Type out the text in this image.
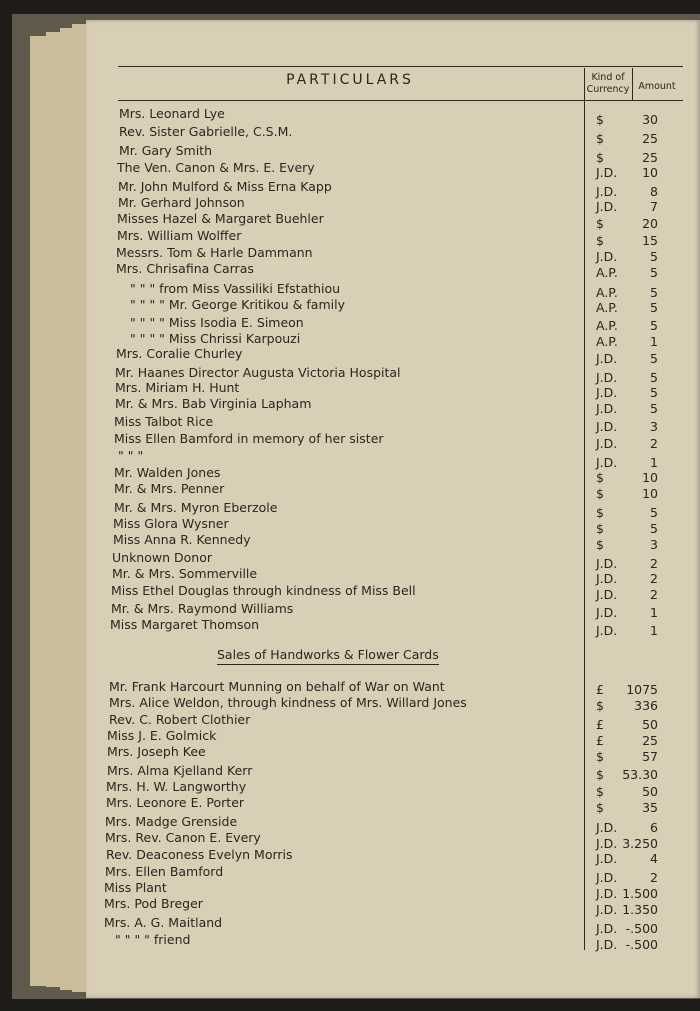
PARTICULARS	Kind of Currency Amount
Mrs. Leonard Lye	$	30
Rev. Sister Gabrielle, C.S.M.	$	25
Mr. Gary Smith	$	25
The Ven. Canon & Mrs. E. Every	J.D.	10
Mr. John Mulford & Miss Erna Kapp	J.D.	8
Mr. Gerhard Johnson	J.D.	7
Misses Hazel & Margaret Buehler	$	20
Mrs. William Wolffer	$	15
Messrs. Tom & Harle Dammann	J.D.	5
Mrs. Chrisafina Carras	A.P.	5
" " " from Miss Vassiliki Efstathiou	A.P.	5
" " " " Mr. George Kritikou & family	A.P.	5
" " " " Miss Isodia E. Simeon	A.P.	5
" " " " Miss Chrissi Karpouzi	A.P.	1
Mrs. Coralie Churley	J.D.	5
Mr. Haanes Director Augusta Victoria Hospital	J.D.	5
Mrs. Miriam H. Hunt	J.D.	5
Mr. & Mrs. Bab Virginia Lapham	J.D.	5
Miss Talbot Rice	J.D.	3
Miss Ellen Bamford in memory of her sister	J.D.	2
" " "	J.D.	1
Mr. Walden Jones	$	10
Mr. & Mrs. Penner	$	10
Mr. & Mrs. Myron Eberzole	$	5
Miss Glora Wysner	$	5
Miss Anna R. Kennedy	$	3
Unknown Donor	J.D.	2
Mr. & Mrs. Sommerville	J.D.	2
Miss Ethel Douglas through kindness of Miss Bell	J.D.	2
Mr. & Mrs. Raymond Williams	J.D.	1
Miss Margaret Thomson	J.D.	1
Mr. Frank Harcourt Munning on behalf of War on Want	£	1075
Mrs. Alice Weldon, through kindness of Mrs. Willard Jones	$	336
Rev. C. Robert Clothier	£	50
Miss J. E. Golmick	£	25
Mrs. Joseph Kee	$	57
Mrs. Alma Kjelland Kerr	$	53.30
Mrs. H. W. Langworthy	$	50
Mrs. Leonore E. Porter	$	35
Mrs. Madge Grenside	J.D.	6
Mrs. Rev. Canon E. Every	J.D. 3.250
Rev. Deaconess Evelyn Morris	J.D.	4
Mrs. Ellen Bamford	J.D.	2
Miss Plant	J.D. 1.500
Mrs. Pod Breger	J.D. 1.350
Mrs. A. G. Maitland	J.D. -.500
" " " " friend	J.D. -.500
Sales of Handworks & Flower Cards
